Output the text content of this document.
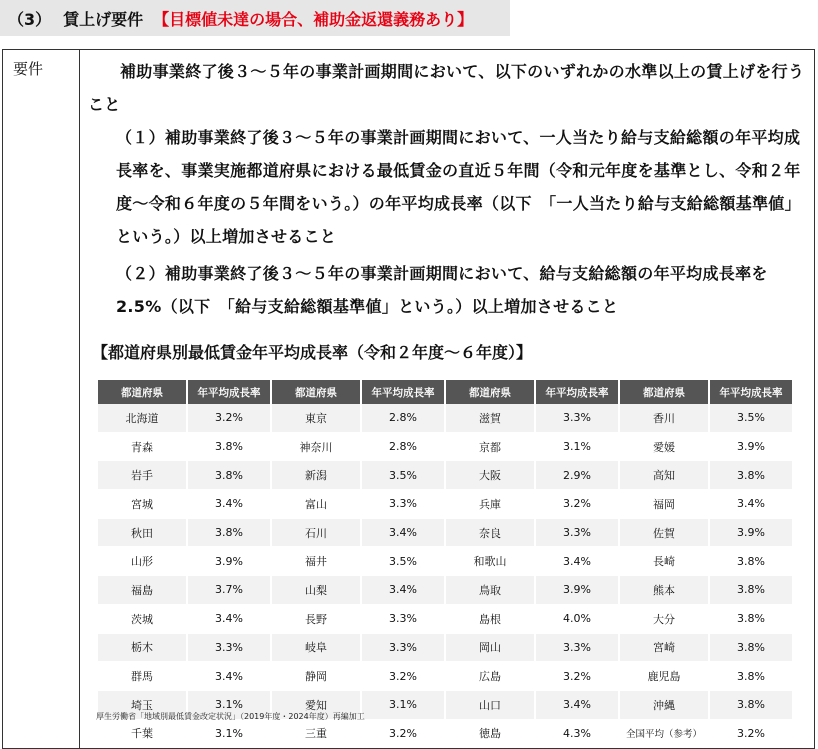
（3） 賃上げ要件 【目標値未達の場合、補助金返還義務あり】
要件	補助事業終了後３～５年の事業計画期間において、以下のいずれかの水準以上の賃上げを行うこと
（１）補助事業終了後３～５年の事業計画期間において、一人当たり給与支給総額の年平均成長率を、事業実施都道府県における最低賃金の直近５年間（令和元年度を基準とし、令和２年度～令和６年度の５年間をいう。）の年平均成長率（以下　「一人当たり給与支給総額基準値」という。）以上増加させること
（２）補助事業終了後３～５年の事業計画期間において、給与支給総額の年平均成長率を2.5%（以下　「給与支給総額基準値」という。）以上増加させること
【都道府県別最低賃金年平均成長率（令和２年度～６年度）】
都道府県	年平均成長率	都道府県	年平均成長率	都道府県	年平均成長率	都道府県	年平均成長率
北海道	3.2%	東京	2.8%	滋賀	3.3%	香川	3.5%
青森	3.8%	神奈川	2.8%	京都	3.1%	愛媛	3.9%
岩手	3.8%	新潟	3.5%	大阪	2.9%	高知	3.8%
宮城	3.4%	富山	3.3%	兵庫	3.2%	福岡	3.4%
秋田	3.8%	石川	3.4%	奈良	3.3%	佐賀	3.9%
山形	3.9%	福井	3.5%	和歌山	3.4%	長崎	3.8%
福島	3.7%	山梨	3.4%	鳥取	3.9%	熊本	3.8%
茨城	3.4%	長野	3.3%	島根	4.0%	大分	3.8%
栃木	3.3%	岐阜	3.3%	岡山	3.3%	宮崎	3.8%
群馬	3.4%	静岡	3.2%	広島	3.2%	鹿児島	3.8%
埼玉	3.1%	愛知	3.1%	山口	3.4%	沖縄	3.8%
千葉	3.1%	三重	3.2%	徳島	4.3%	全国平均（参考）	3.2%
厚生労働省「地域別最低賃金改定状況」（2019年度・2024年度）再編加工
